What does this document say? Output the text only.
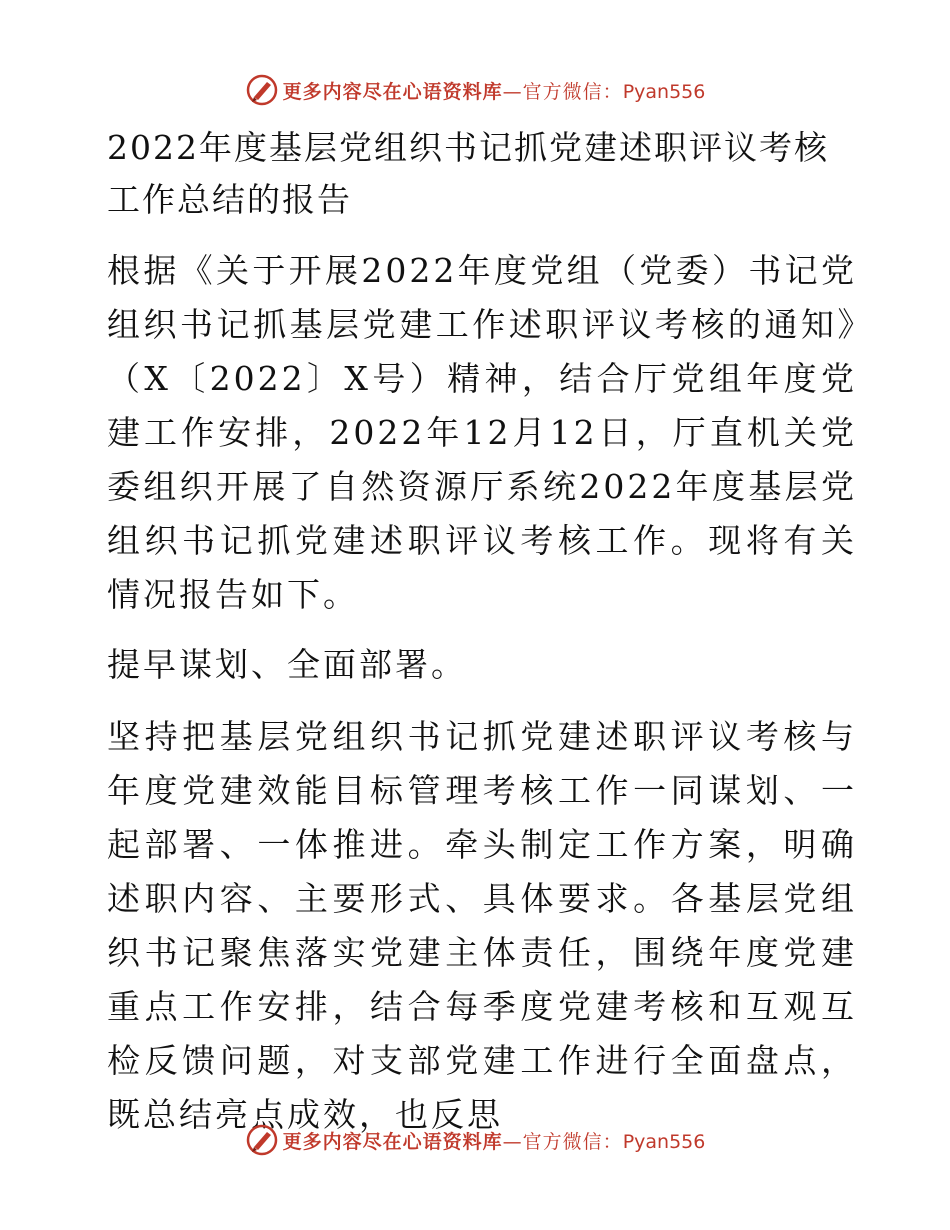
更多内容尽在心语资料库—官方微信：Pyan556
2022年度基层党组织书记抓党建述职评议考核工作总结的报告

根据《关于开展2022年度党组（党委）书记党组织书记抓基层党建工作述职评议考核的通知》（X〔2022〕X号）精神，结合厅党组年度党建工作安排，2022年12月12日，厅直机关党委组织开展了自然资源厅系统2022年度基层党组织书记抓党建述职评议考核工作。现将有关情况报告如下。

提早谋划、全面部署。

坚持把基层党组织书记抓党建述职评议考核与年度党建效能目标管理考核工作一同谋划、一起部署、一体推进。牵头制定工作方案，明确述职内容、主要形式、具体要求。各基层党组织书记聚焦落实党建主体责任，围绕年度党建重点工作安排，结合每季度党建考核和互观互检反馈问题，对支部党建工作进行全面盘点，既总结亮点成效，也反思

更多内容尽在心语资料库—官方微信：Pyan556
